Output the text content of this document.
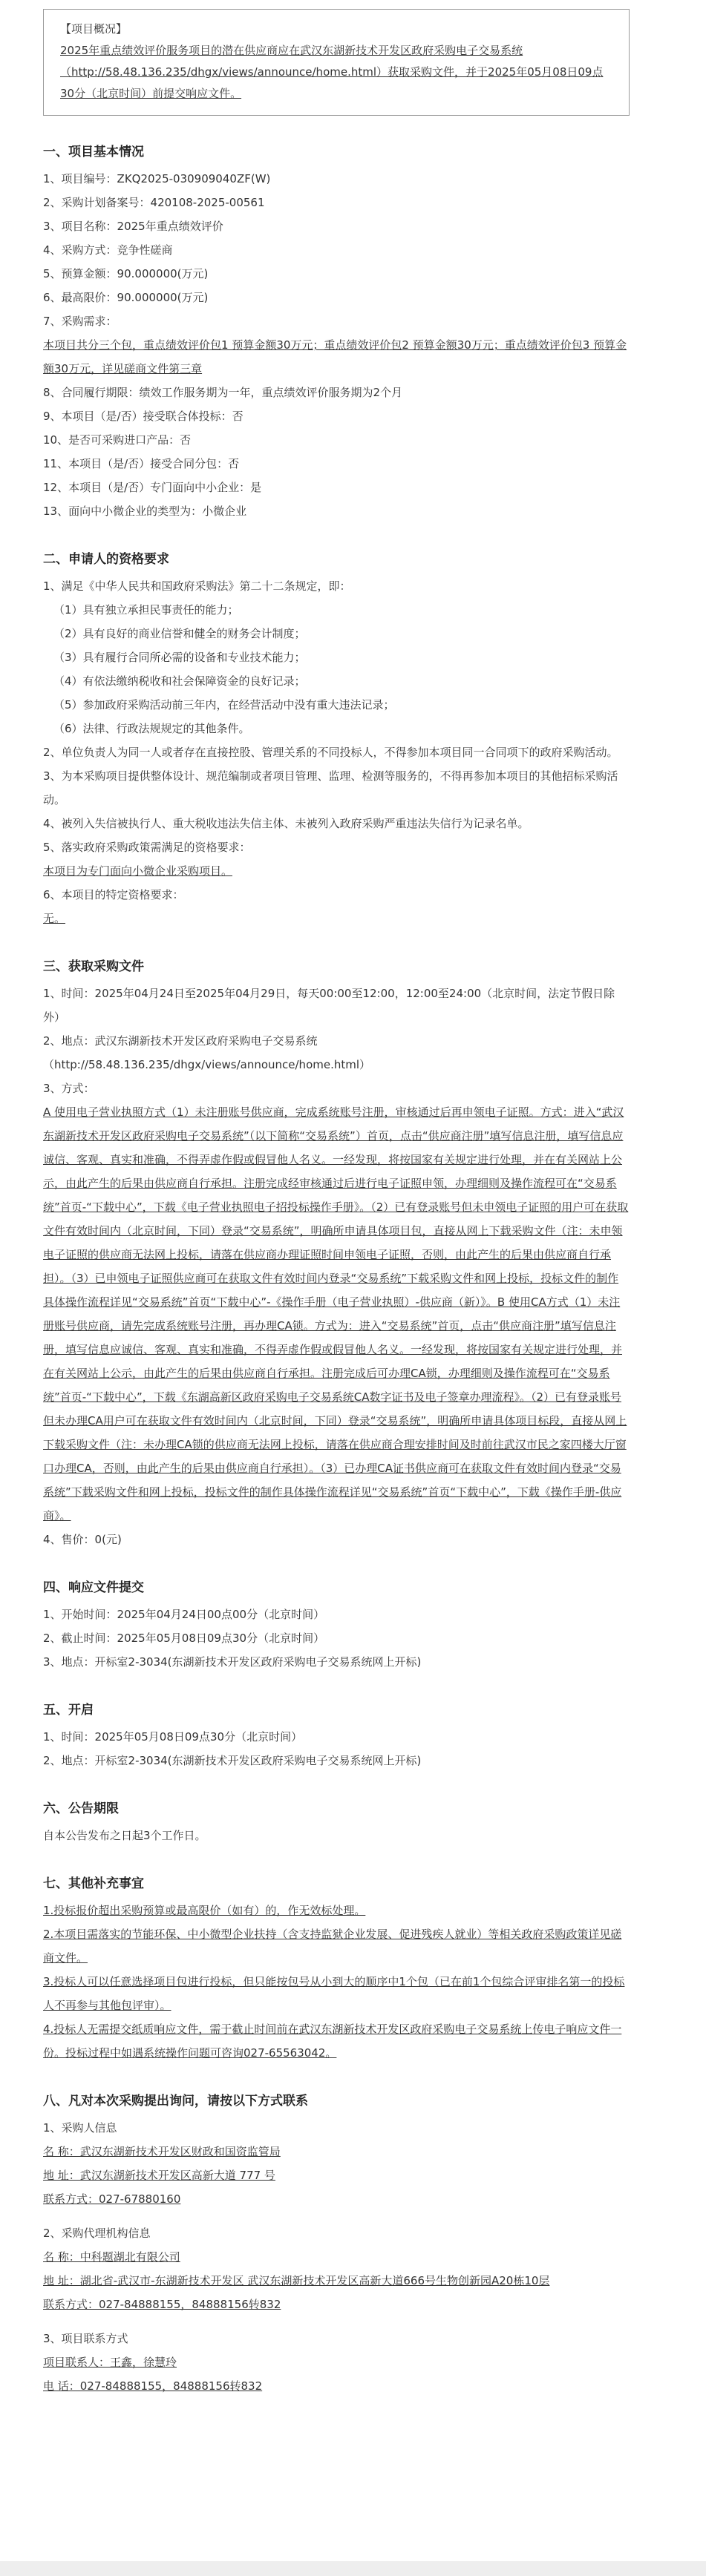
【项目概况】
2025年重点绩效评价服务项目的潜在供应商应在武汉东湖新技术开发区政府采购电子交易系统（http://58.48.136.235/dhgx/views/announce/home.html）获取采购文件，并于2025年05月08日09点30分（北京时间）前提交响应文件。
一、项目基本情况

1、项目编号：ZKQ2025-030909040ZF(W)

2、采购计划备案号：420108-2025-00561

3、项目名称：2025年重点绩效评价

4、采购方式：竞争性磋商

5、预算金额：90.000000(万元)

6、最高限价：90.000000(万元)

7、采购需求：

本项目共分三个包，重点绩效评价包1 预算金额30万元；重点绩效评价包2 预算金额30万元；重点绩效评价包3 预算金额30万元，详见磋商文件第三章

8、合同履行期限：绩效工作服务期为一年，重点绩效评价服务期为2个月

9、本项目（是/否）接受联合体投标：否

10、是否可采购进口产品：否

11、本项目（是/否）接受合同分包：否

12、本项目（是/否）专门面向中小企业：是

13、面向中小微企业的类型为：小微企业

二、申请人的资格要求

1、满足《中华人民共和国政府采购法》第二十二条规定，即：

（1）具有独立承担民事责任的能力；

（2）具有良好的商业信誉和健全的财务会计制度；

（3）具有履行合同所必需的设备和专业技术能力；

（4）有依法缴纳税收和社会保障资金的良好记录；

（5）参加政府采购活动前三年内，在经营活动中没有重大违法记录；

（6）法律、行政法规规定的其他条件。

2、单位负责人为同一人或者存在直接控股、管理关系的不同投标人，不得参加本项目同一合同项下的政府采购活动。

3、为本采购项目提供整体设计、规范编制或者项目管理、监理、检测等服务的，不得再参加本项目的其他招标采购活动。

4、被列入失信被执行人、重大税收违法失信主体、未被列入政府采购严重违法失信行为记录名单。

5、落实政府采购政策需满足的资格要求：

本项目为专门面向小微企业采购项目。

6、本项目的特定资格要求：

无。

三、获取采购文件

1、时间：2025年04月24日至2025年04月29日，每天00:00至12:00，12:00至24:00（北京时间，法定节假日除外）

2、地点：武汉东湖新技术开发区政府采购电子交易系统（http://58.48.136.235/dhgx/views/announce/home.html）

3、方式：

A 使用电子营业执照方式（1）未注册账号供应商，完成系统账号注册，审核通过后再申领电子证照。方式：进入“武汉东湖新技术开发区政府采购电子交易系统”（以下简称“交易系统”）首页，点击“供应商注册”填写信息注册，填写信息应诚信、客观、真实和准确，不得弄虚作假或假冒他人名义。一经发现，将按国家有关规定进行处理，并在有关网站上公示，由此产生的后果由供应商自行承担。注册完成经审核通过后进行电子证照申领，办理细则及操作流程可在“交易系统”首页-“下载中心”，下载《电子营业执照电子招投标操作手册》。（2）已有登录账号但未申领电子证照的用户可在获取文件有效时间内（北京时间，下同）登录“交易系统”，明确所申请具体项目包，直接从网上下载采购文件（注：未申领电子证照的供应商无法网上投标，请落在供应商办理证照时间申领电子证照，否则，由此产生的后果由供应商自行承担）。（3）已申领电子证照供应商可在获取文件有效时间内登录“交易系统”下载采购文件和网上投标，投标文件的制作具体操作流程详见“交易系统”首页“下载中心”-《操作手册（电子营业执照）-供应商（新）》。B 使用CA方式（1）未注册账号供应商，请先完成系统账号注册，再办理CA锁。方式为：进入“交易系统”首页，点击“供应商注册”填写信息注册，填写信息应诚信、客观、真实和准确，不得弄虚作假或假冒他人名义。一经发现，将按国家有关规定进行处理，并在有关网站上公示，由此产生的后果由供应商自行承担。注册完成后可办理CA锁，办理细则及操作流程可在“交易系统”首页-“下载中心”，下载《东湖高新区政府采购电子交易系统CA数字证书及电子签章办理流程》。（2）已有登录账号但未办理CA用户可在获取文件有效时间内（北京时间，下同）登录“交易系统”，明确所申请具体项目标段，直接从网上下载采购文件（注：未办理CA锁的供应商无法网上投标，请落在供应商合理安排时间及时前往武汉市民之家四楼大厅窗口办理CA，否则，由此产生的后果由供应商自行承担）。（3）已办理CA证书供应商可在获取文件有效时间内登录“交易系统”下载采购文件和网上投标，投标文件的制作具体操作流程详见“交易系统”首页“下载中心”，下载《操作手册-供应商》。

4、售价：0(元)

四、响应文件提交

1、开始时间：2025年04月24日00点00分（北京时间）

2、截止时间：2025年05月08日09点30分（北京时间）

3、地点：开标室2-3034(东湖新技术开发区政府采购电子交易系统网上开标)

五、开启

1、时间：2025年05月08日09点30分（北京时间）

2、地点：开标室2-3034(东湖新技术开发区政府采购电子交易系统网上开标)

六、公告期限

自本公告发布之日起3个工作日。

七、其他补充事宜

1.投标报价超出采购预算或最高限价（如有）的，作无效标处理。

2.本项目需落实的节能环保、中小微型企业扶持（含支持监狱企业发展、促进残疾人就业）等相关政府采购政策详见磋商文件。

3.投标人可以任意选择项目包进行投标，但只能按包号从小到大的顺序中1个包（已在前1个包综合评审排名第一的投标人不再参与其他包评审）。

4.投标人无需提交纸质响应文件，需于截止时间前在武汉东湖新技术开发区政府采购电子交易系统上传电子响应文件一份。投标过程中如遇系统操作问题可咨询027-65563042。

八、凡对本次采购提出询问，请按以下方式联系

1、采购人信息

名 称：武汉东湖新技术开发区财政和国资监管局

地 址：武汉东湖新技术开发区高新大道 777 号

联系方式：027-67880160

2、采购代理机构信息

名 称：中科题湖北有限公司

地 址：湖北省-武汉市-东湖新技术开发区 武汉东湖新技术开发区高新大道666号生物创新园A20栋10层

联系方式：027-84888155，84888156转832

3、项目联系方式

项目联系人：王鑫，徐慧玲

电 话：027-84888155，84888156转832
